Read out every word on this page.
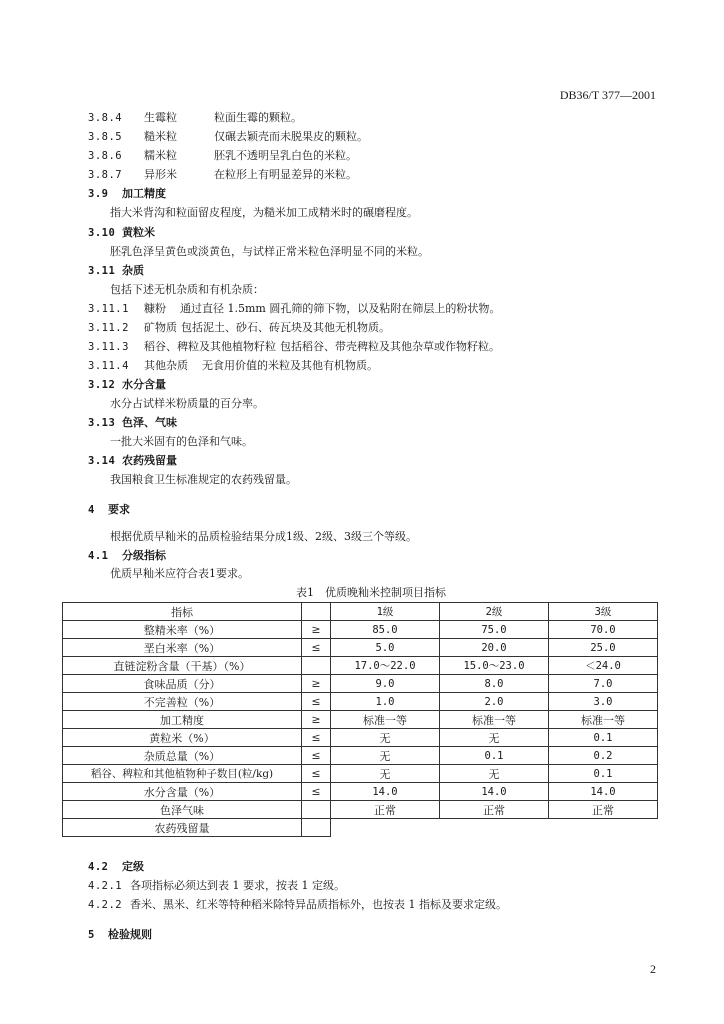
DB36/T 377—2001
3.8.4 生霉粒	粒面生霉的颗粒。
3.8.5 糙米粒	仅碾去颖壳而未脱果皮的颗粒。
3.8.6 糯米粒	胚乳不透明呈乳白色的米粒。
3.8.7 异形米	在粒形上有明显差异的米粒。
3.9 加工精度
指大米背沟和粒面留皮程度，为糙米加工成精米时的碾磨程度。
3.10 黄粒米
胚乳色泽呈黄色或淡黄色，与试样正常米粒色泽明显不同的米粒。
3.11 杂质
包括下述无机杂质和有机杂质：
3.11.1 糠粉 通过直径 1.5mm 圆孔筛的筛下物，以及粘附在筛层上的粉状物。
3.11.2 矿物质 包括泥土、砂石、砖瓦块及其他无机物质。
3.11.3 稻谷、稗粒及其他植物籽粒 包括稻谷、带壳稗粒及其他杂草或作物籽粒。
3.11.4 其他杂质 无食用价值的米粒及其他有机物质。
3.12 水分含量
水分占试样米粉质量的百分率。
3.13 色泽、气味
一批大米固有的色泽和气味。
3.14 农药残留量
我国粮食卫生标准规定的农药残留量。
4 要求
根据优质早籼米的品质检验结果分成1级、2级、3级三个等级。
4.1 分级指标
优质早籼米应符合表1要求。
表1　优质晚籼米控制项目指标
指标		1级	2级	3级
整精米率（%）	≥	85.0	75.0	70.0
垩白米率（%）	≤	5.0	20.0	25.0
直链淀粉含量（干基）（%）		17.0～22.0	15.0～23.0	＜24.0
食味品质（分）	≥	9.0	8.0	7.0
不完善粒（%）	≤	1.0	2.0	3.0
加工精度	≥	标准一等	标准一等	标准一等
黄粒米（%）	≤	无	无	0.1
杂质总量（%）	≤	无	0.1	0.2
稻谷、稗粒和其他植物种子数目(粒/kg)	≤	无	无	0.1
水分含量（%）	≤	14.0	14.0	14.0
色泽气味		正常	正常	正常
农药残留量				
4.2 定级
4.2.1 各项指标必须达到表 1 要求，按表 1 定级。
4.2.2 香米、黑米、红米等特种稻米除特异品质指标外，也按表 1 指标及要求定级。
5 检验规则
2
